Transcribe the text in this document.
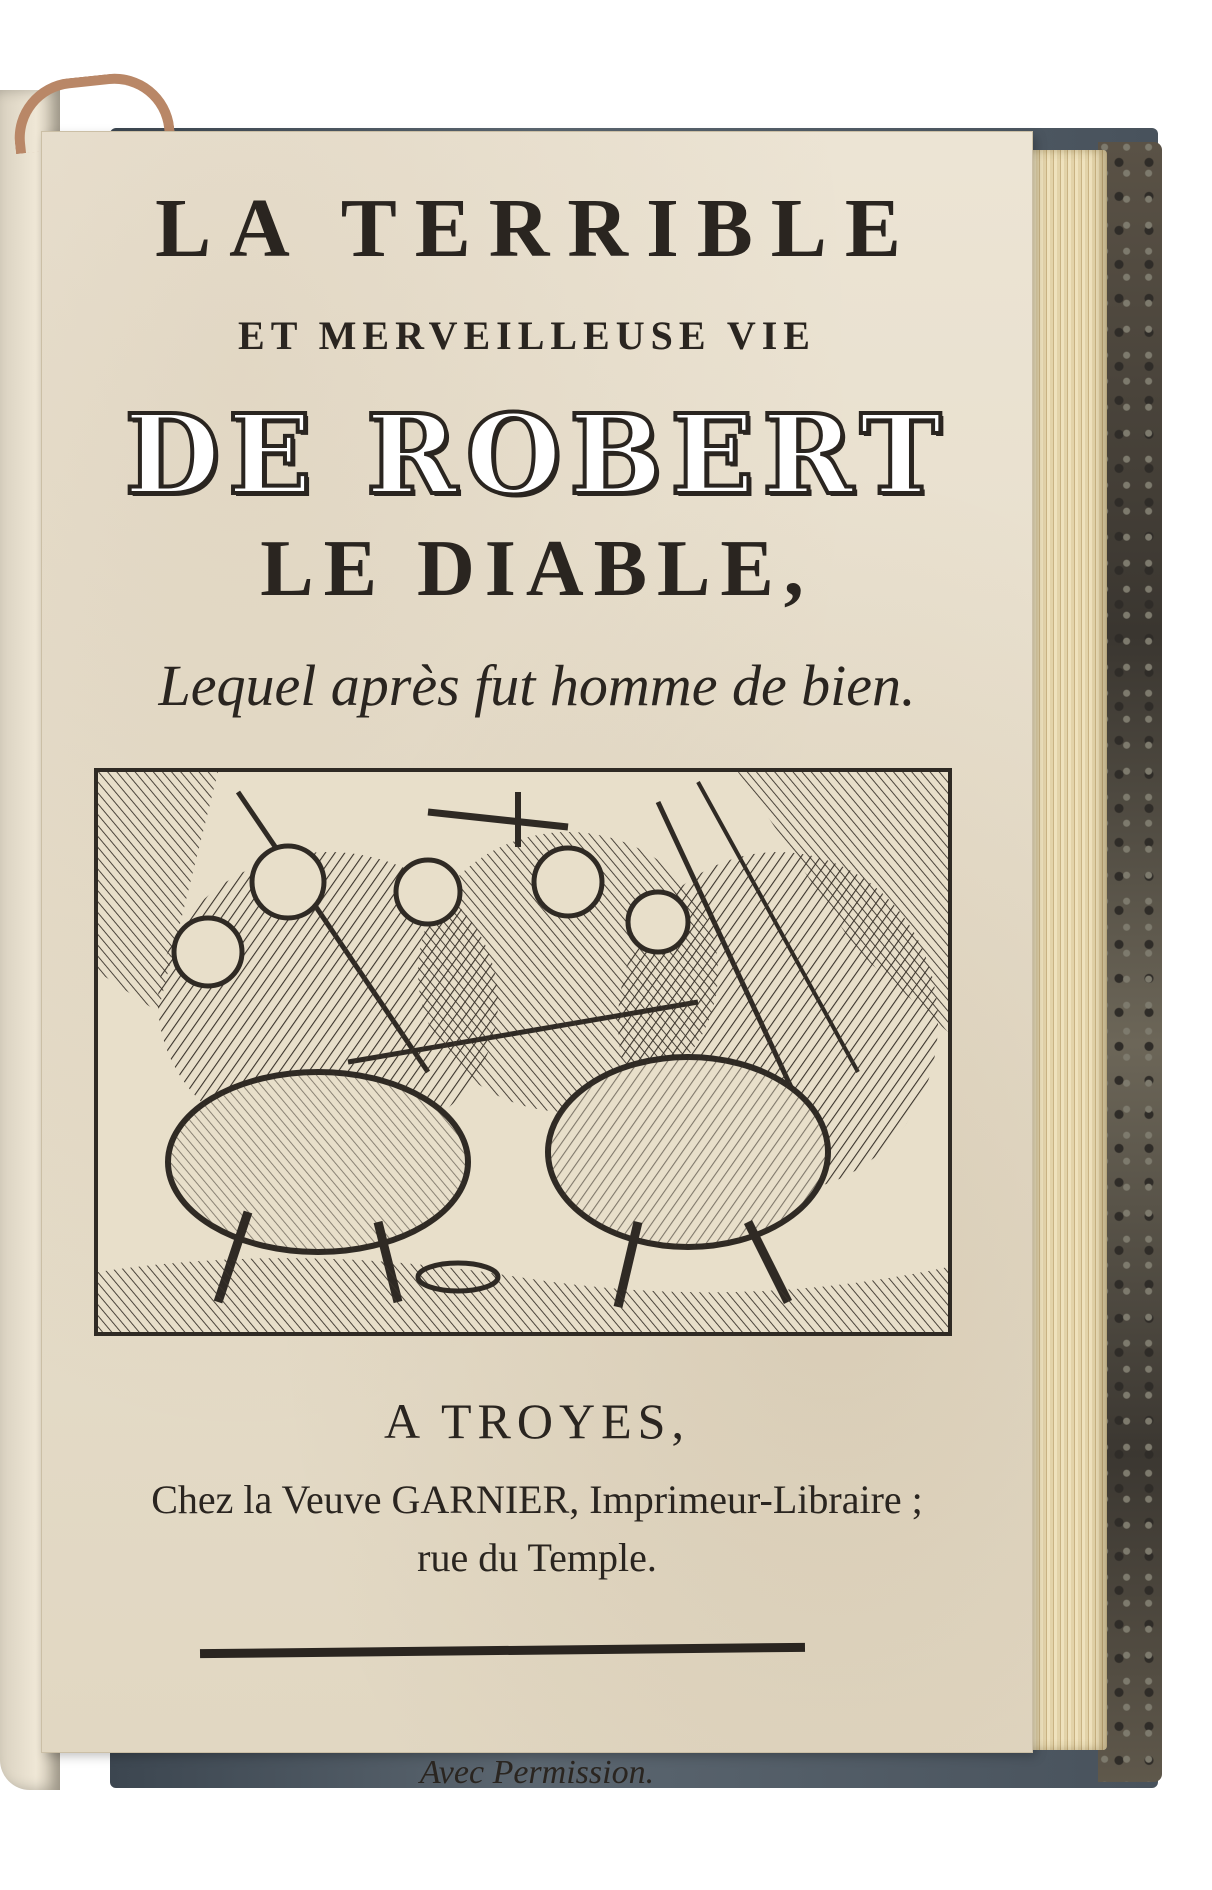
LA TERRIBLE
ET MERVEILLEUSE VIE
DE ROBERT
LE DIABLE,
Lequel après fut homme de bien.
A TROYES,
Chez la Veuve GARNIER, Imprimeur-Libraire ;
rue du Temple.
Avec Permission.
